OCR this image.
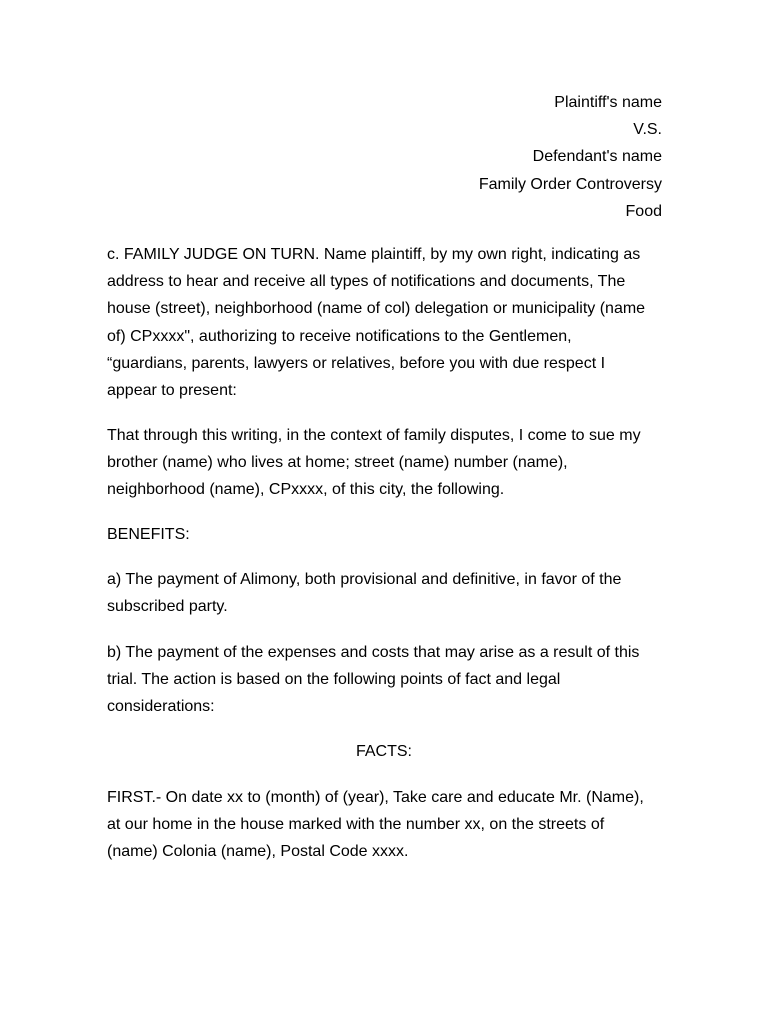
Plaintiff's name
V.S.
Defendant's name
Family Order Controversy
Food

c. FAMILY JUDGE ON TURN. Name plaintiff, by my own right, indicating as
address to hear and receive all types of notifications and documents, The
house (street), neighborhood (name of col) delegation or municipality (name
of) CPxxxx", authorizing to receive notifications to the Gentlemen,
“guardians, parents, lawyers or relatives, before you with due respect I
appear to present:

That through this writing, in the context of family disputes, I come to sue my
brother (name) who lives at home; street (name) number (name),
neighborhood (name), CPxxxx, of this city, the following.

BENEFITS:

a) The payment of Alimony, both provisional and definitive, in favor of the
subscribed party.

b) The payment of the expenses and costs that may arise as a result of this
trial. The action is based on the following points of fact and legal
considerations:

FACTS:

FIRST.- On date xx to (month) of (year), Take care and educate Mr. (Name),
at our home in the house marked with the number xx, on the streets of
(name) Colonia (name), Postal Code xxxx.
